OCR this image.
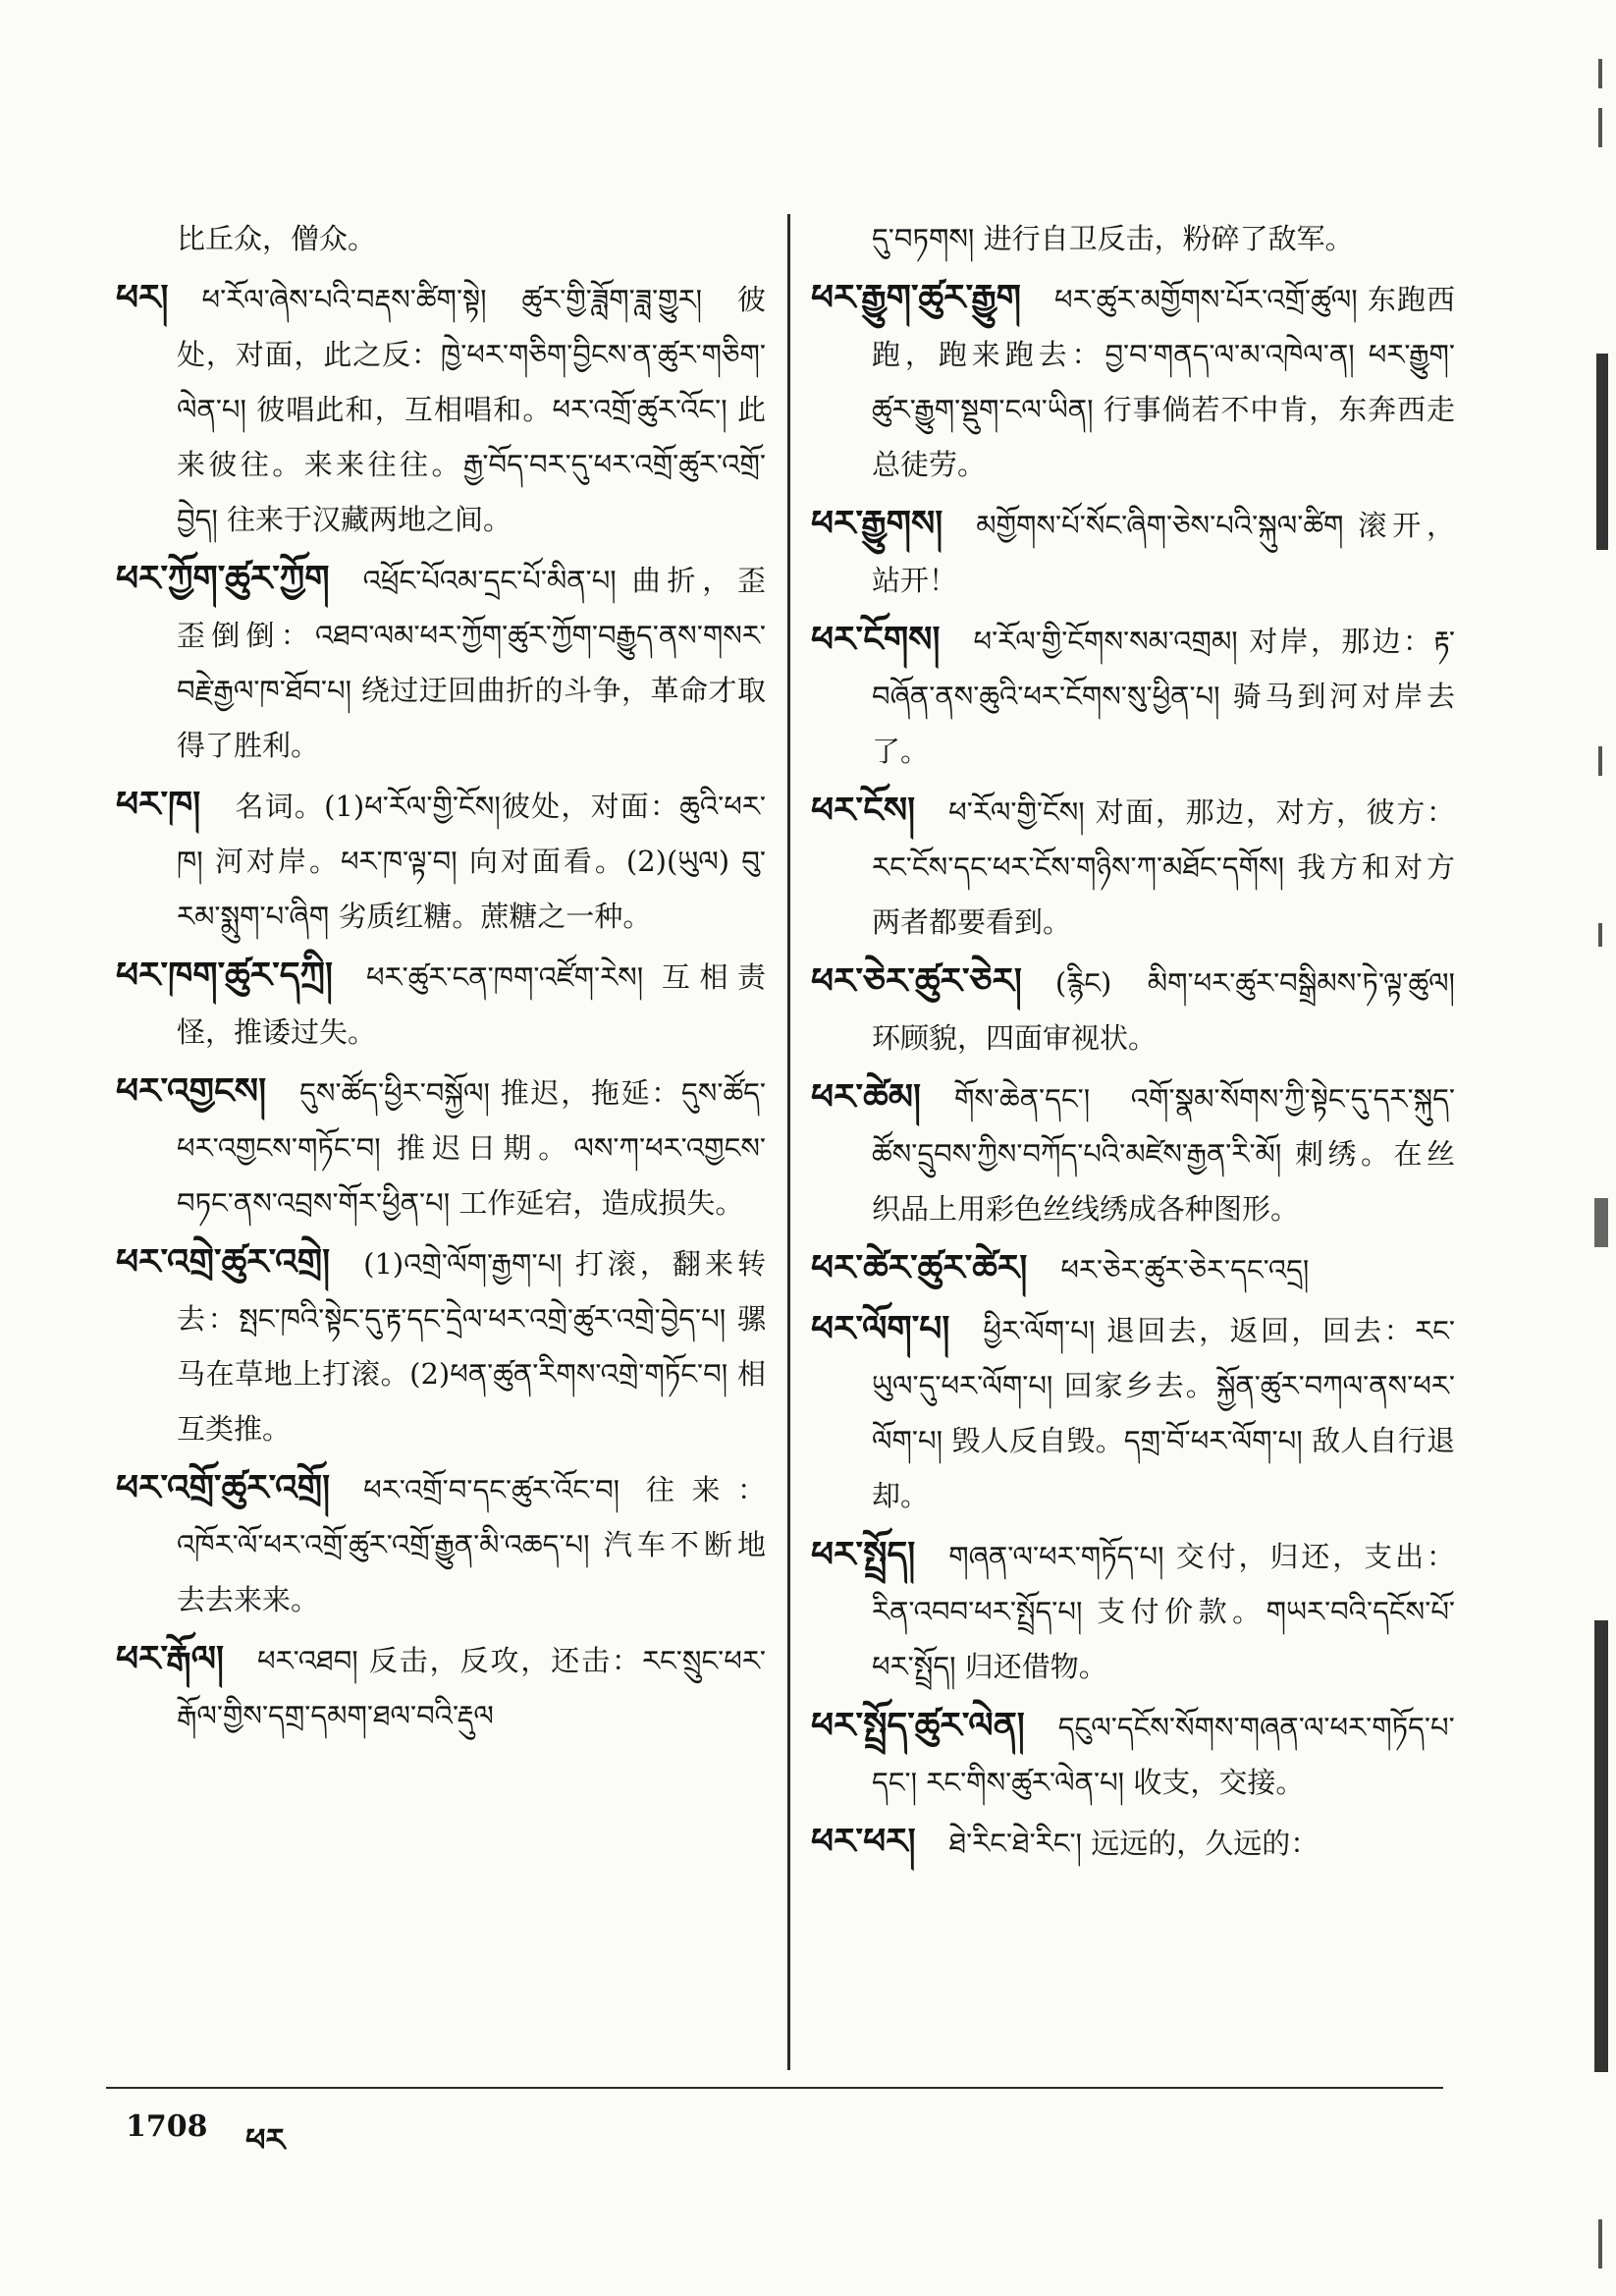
比丘众，僧众。
ཕར། ཕ་རོལ་ཞེས་པའི་བརྡས་ཚིག་སྟེ། ཚུར་གྱི་ཟློག་ཟླ་གྱུར། 彼处，对面，此之反：ཁྱེ་ཕར་གཅིག་བྱིངས་ན་ཚུར་གཅིག་ལེན་པ། 彼唱此和，互相唱和。ཕར་འགྲོ་ཚུར་འོང་། 此来彼往。来来往往。རྒྱ་བོད་བར་དུ་ཕར་འགྲོ་ཚུར་འགྲོ་བྱེད། 往来于汉藏两地之间。
ཕར་ཀྱོག་ཚུར་ཀྱོག འཕྲོང་པོའམ་དྲང་པོ་མིན་པ། 曲折，歪歪倒倒：འཐབ་ལམ་ཕར་ཀྱོག་ཚུར་ཀྱོག་བརྒྱུད་ནས་གསར་བརྗེ་རྒྱལ་ཁ་ཐོབ་པ། 绕过迂回曲折的斗争，革命才取得了胜利。
ཕར་ཁ། 名词。(1)ཕ་རོལ་གྱི་ངོས།彼处，对面：ཆུའི་ཕར་ཁ། 河对岸。ཕར་ཁ་ལྟ་བ། 向对面看。(2)(ཡུལ) བུ་རམ་སྨུག་པ་ཞིག 劣质红糖。蔗糖之一种。
ཕར་ཁག་ཚུར་དཀྲི། ཕར་ཚུར་ངན་ཁག་འཛོག་རེས། 互相责怪，推诿过失。
ཕར་འགྱངས། དུས་ཚོད་ཕྱིར་བསྐྱོལ། 推迟，拖延：དུས་ཚོད་ཕར་འགྱངས་གཏོང་བ། 推迟日期。ལས་ཀ་ཕར་འགྱངས་བཏང་ནས་འབྲས་གོར་ཕྱིན་པ། 工作延宕，造成损失。
ཕར་འགྲེ་ཚུར་འགྲེ། (1)འགྲེ་ལོག་རྒྱག་པ། 打滚，翻来转去：སྤང་ཁའི་སྟེང་དུ་རྟ་དང་དྲེལ་ཕར་འགྲེ་ཚུར་འགྲེ་བྱེད་པ། 骡马在草地上打滚。(2)ཕན་ཚུན་རིགས་འགྲེ་གཏོང་བ། 相互类推。
ཕར་འགྲོ་ཚུར་འགྲོ། ཕར་འགྲོ་བ་དང་ཚུར་འོང་བ། 往来：འཁོར་ལོ་ཕར་འགྲོ་ཚུར་འགྲོ་རྒྱུན་མི་འཆད་པ། 汽车不断地去去来来。
ཕར་རྒོལ། ཕར་འཐབ། 反击，反攻，还击：རང་སྲུང་ཕར་རྒོལ་གྱིས་དགྲ་དམག་ཐལ་བའི་རྡུལ
དུ་བཏགས། 进行自卫反击，粉碎了敌军。
ཕར་རྒྱུག་ཚུར་རྒྱུག ཕར་ཚུར་མགྱོགས་པོར་འགྲོ་ཚུལ། 东跑西跑，跑来跑去：བྱ་བ་གནད་ལ་མ་འཁེལ་ན། ཕར་རྒྱུག་ཚུར་རྒྱུག་སྡུག་ངལ་ཡིན། 行事倘若不中肯，东奔西走总徒劳。
ཕར་རྒྱུགས། མགྱོགས་པོ་སོང་ཞིག་ཅེས་པའི་སྐུལ་ཚིག 滚开，站开！
ཕར་ངོགས། ཕ་རོལ་གྱི་ངོགས་སམ་འགྲམ། 对岸，那边：རྟ་བཞོན་ནས་ཆུའི་ཕར་ངོགས་སུ་ཕྱིན་པ། 骑马到河对岸去了。
ཕར་ངོས། ཕ་རོལ་གྱི་ངོས། 对面，那边，对方，彼方：རང་ངོས་དང་ཕར་ངོས་གཉིས་ཀ་མཐོང་དགོས། 我方和对方两者都要看到。
ཕར་ཅེར་ཚུར་ཅེར། (རྙིང) མིག་ཕར་ཚུར་བསྒྲིམས་ཏེ་ལྟ་ཚུལ། 环顾貌，四面审视状。
ཕར་ཚེམ། གོས་ཆེན་དང་། འགོ་སྣམ་སོགས་ཀྱི་སྟེང་དུ་དར་སྐུད་ཚོས་དྲུབས་ཀྱིས་བཀོད་པའི་མཛེས་རྒྱན་རི་མོ། 刺绣。在丝织品上用彩色丝线绣成各种图形。
ཕར་ཚེར་ཚུར་ཚེར། ཕར་ཅེར་ཚུར་ཅེར་དང་འདྲ།
ཕར་ལོག་པ། ཕྱིར་ལོག་པ། 退回去，返回，回去：རང་ཡུལ་དུ་ཕར་ལོག་པ། 回家乡去。སྐྱོན་ཚུར་བཀལ་ནས་ཕར་ལོག་པ། 毁人反自毁。དགྲ་བོ་ཕར་ལོག་པ། 敌人自行退却。
ཕར་སྤྲོད། གཞན་ལ་ཕར་གཏོད་པ། 交付，归还，支出：རིན་འབབ་ཕར་སྤྲོད་པ། 支付价款。གཡར་བའི་དངོས་པོ་ཕར་སྤྲོད། 归还借物。
ཕར་སྤྲོད་ཚུར་ལེན། དངུལ་དངོས་སོགས་གཞན་ལ་ཕར་གཏོད་པ་དང་། རང་གིས་ཚུར་ལེན་པ། 收支，交接。
ཕར་ཕར། ཐེ་རིང་ཐེ་རིང་། 远远的，久远的：
1708 ཕར
